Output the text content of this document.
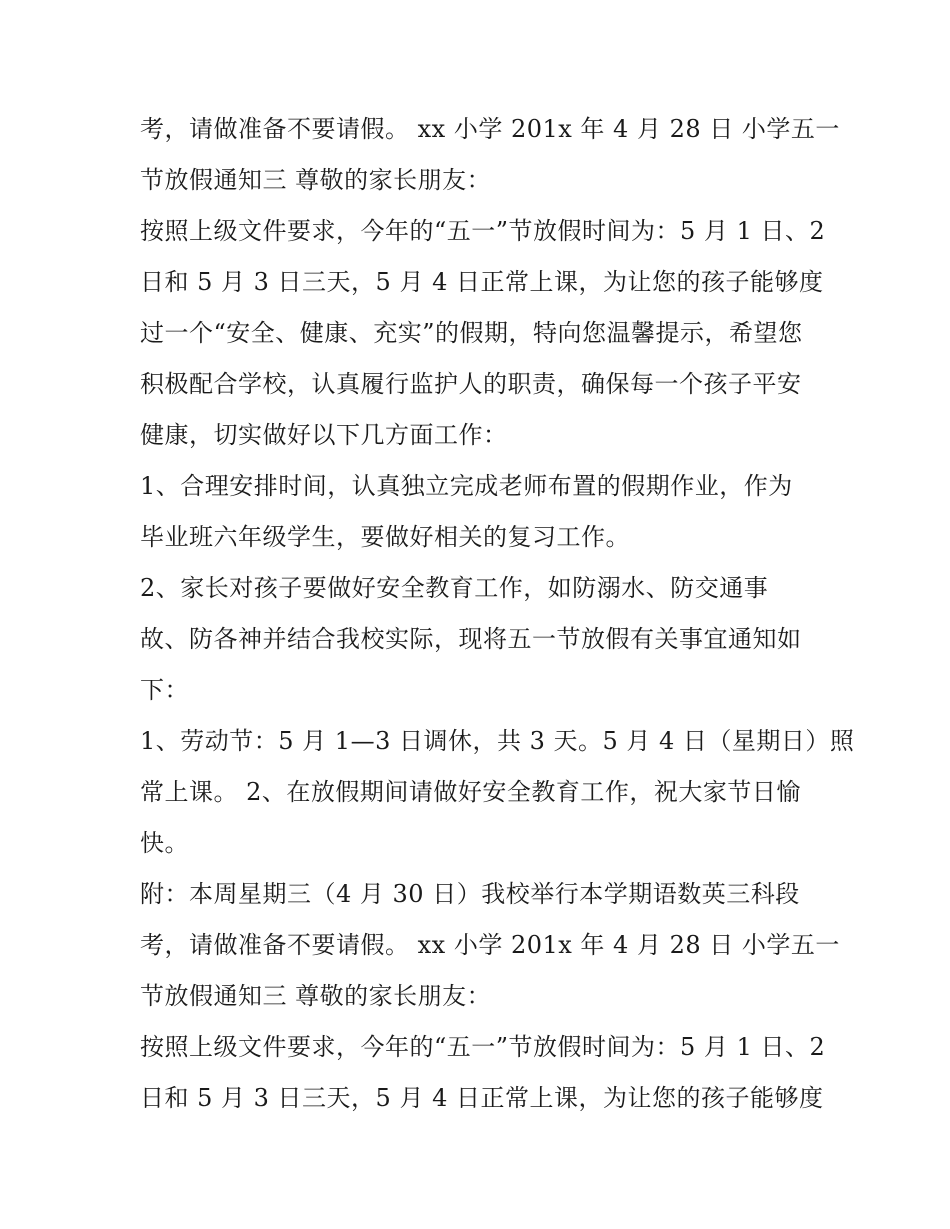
考，请做准备不要请假。 xx 小学 201x 年 4 月 28 日 小学五一
节放假通知三 尊敬的家长朋友：
按照上级文件要求，今年的“五一”节放假时间为：5 月 1 日、2
日和 5 月 3 日三天，5 月 4 日正常上课，为让您的孩子能够度
过一个“安全、健康、充实”的假期，特向您温馨提示，希望您
积极配合学校，认真履行监护人的职责，确保每一个孩子平安
健康，切实做好以下几方面工作：
1、合理安排时间，认真独立完成老师布置的假期作业，作为
毕业班六年级学生，要做好相关的复习工作。
2、家长对孩子要做好安全教育工作，如防溺水、防交通事
故、防各神并结合我校实际，现将五一节放假有关事宜通知如
下：
1、劳动节：5 月 1—3 日调休，共 3 天。5 月 4 日（星期日）照
常上课。 2、在放假期间请做好安全教育工作，祝大家节日愉
快。
附：本周星期三（4 月 30 日）我校举行本学期语数英三科段
考，请做准备不要请假。 xx 小学 201x 年 4 月 28 日 小学五一
节放假通知三 尊敬的家长朋友：
按照上级文件要求，今年的“五一”节放假时间为：5 月 1 日、2
日和 5 月 3 日三天，5 月 4 日正常上课，为让您的孩子能够度
